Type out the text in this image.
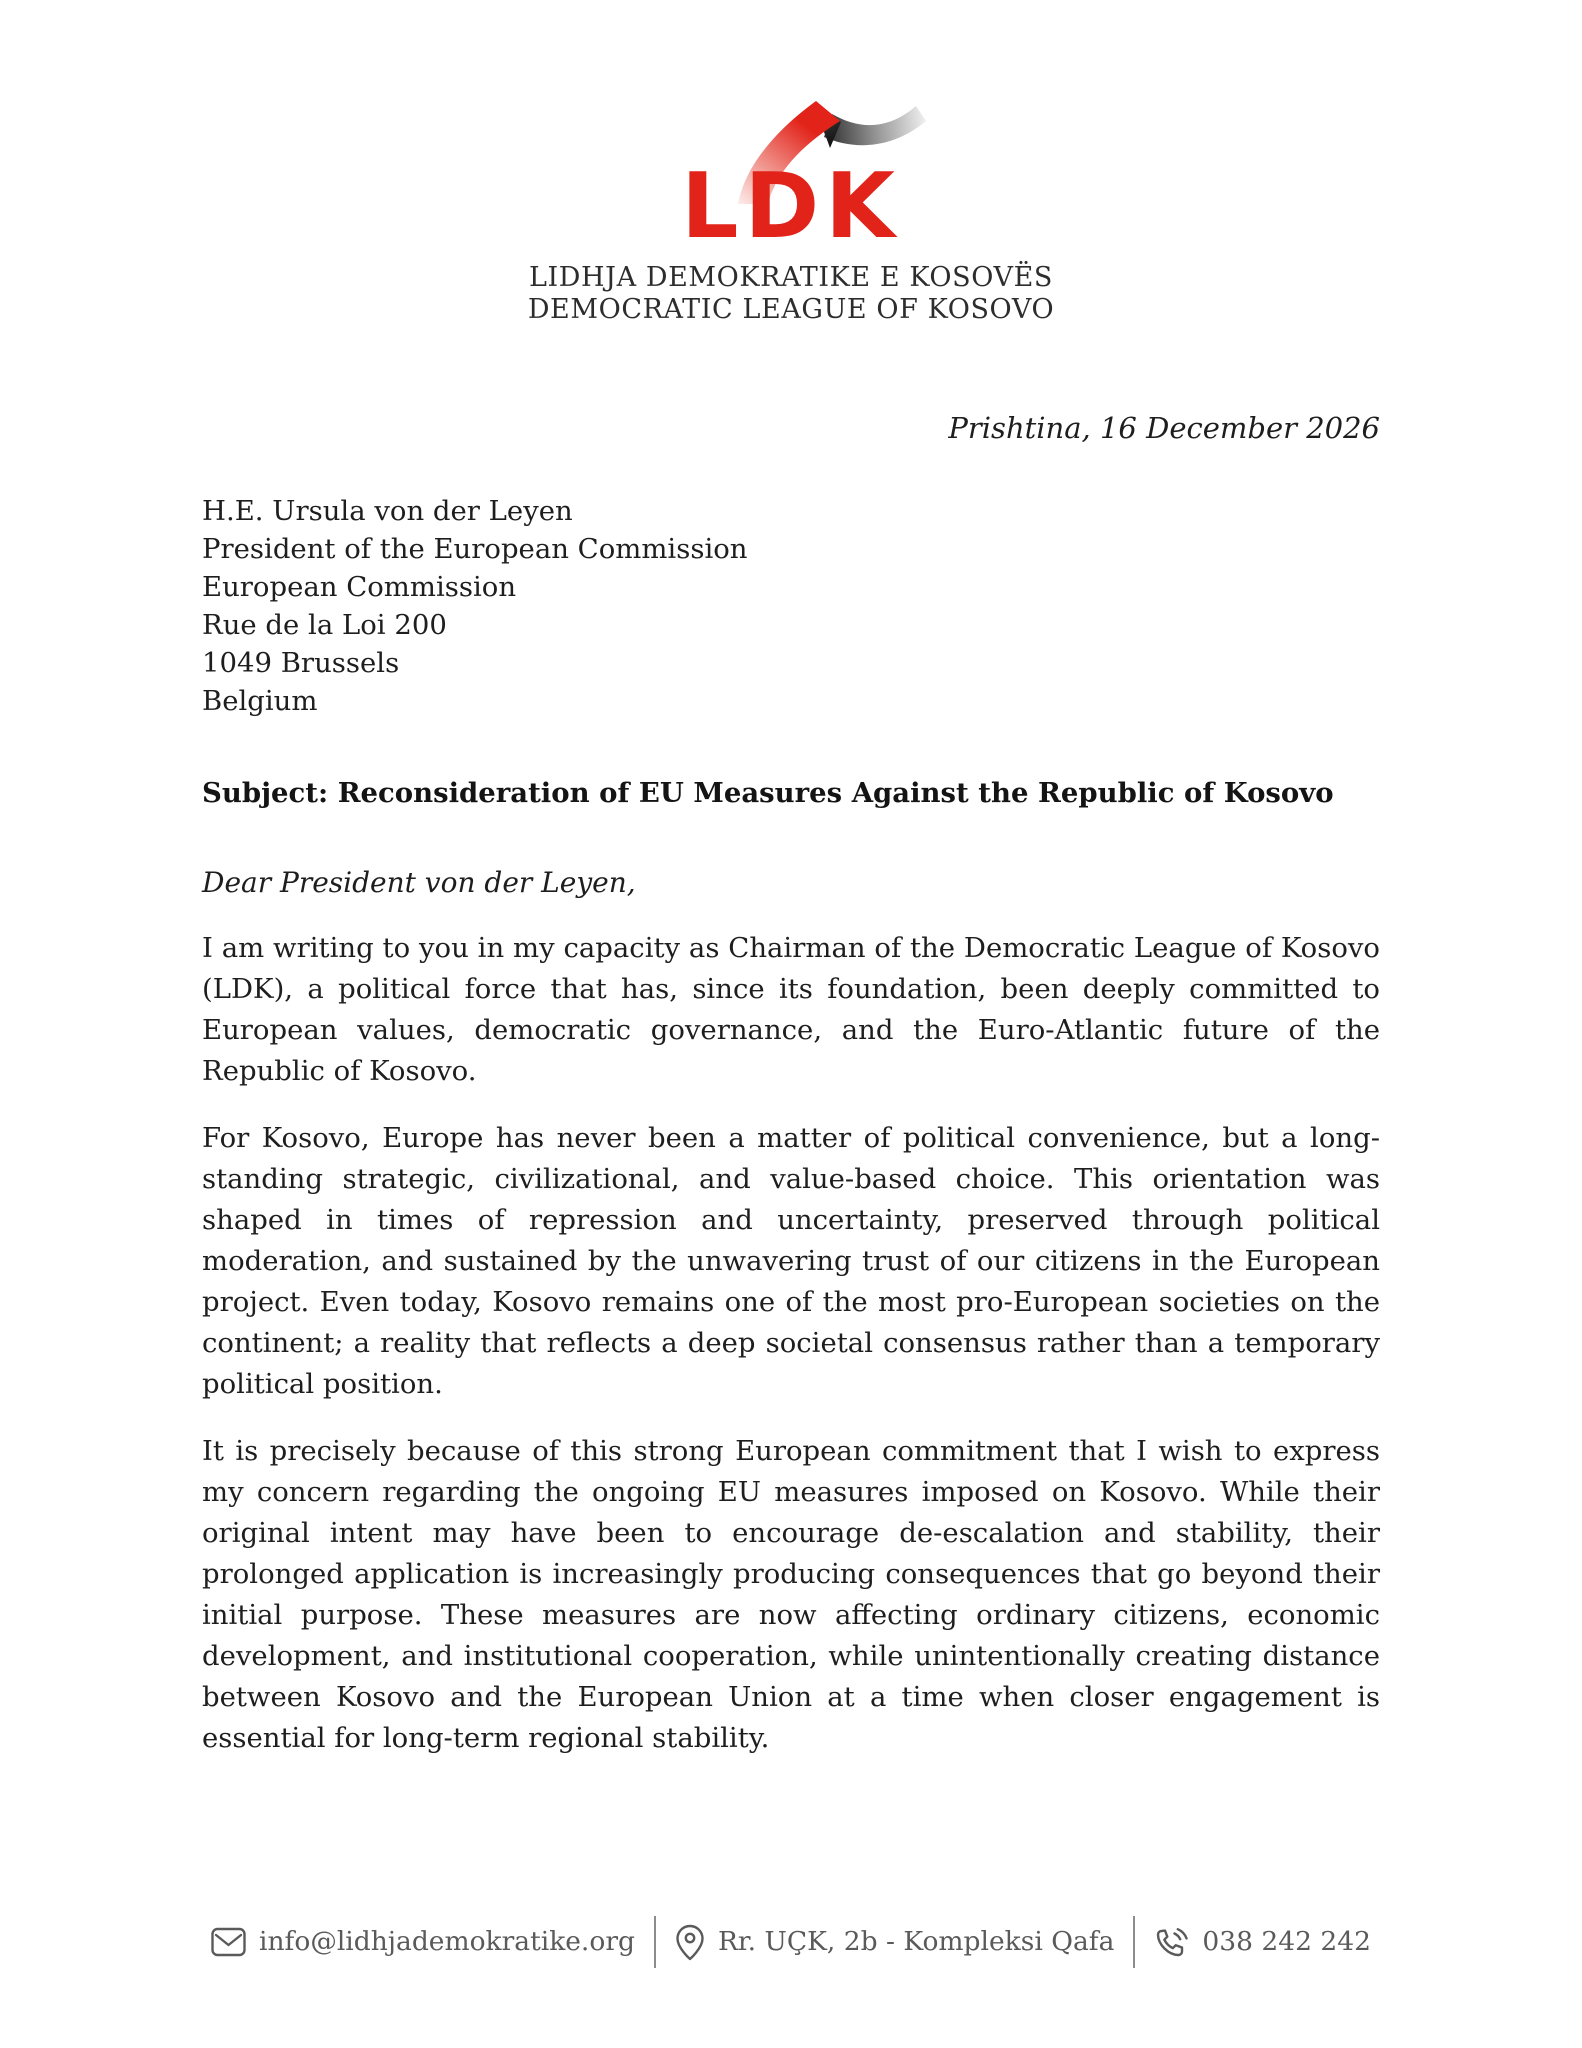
LDK
LIDHJA DEMOKRATIKE E KOSOVËS
DEMOCRATIC LEAGUE OF KOSOVO
Prishtina, 16 December 2026
H.E. Ursula von der Leyen
President of the European Commission
European Commission
Rue de la Loi 200
1049 Brussels
Belgium
Subject: Reconsideration of EU Measures Against the Republic of Kosovo
Dear President von der Leyen,

I am writing to you in my capacity as Chairman of the Democratic League of Kosovo (LDK), a political force that has, since its foundation, been deeply committed to European values, democratic governance, and the Euro-Atlantic future of the Republic of Kosovo.

For Kosovo, Europe has never been a matter of political convenience, but a long-standing strategic, civilizational, and value-based choice. This orientation was shaped in times of repression and uncertainty, preserved through political moderation, and sustained by the unwavering trust of our citizens in the European project. Even today, Kosovo remains one of the most pro-European societies on the continent; a reality that reflects a deep societal consensus rather than a temporary political position.

It is precisely because of this strong European commitment that I wish to express my concern regarding the ongoing EU measures imposed on Kosovo. While their original intent may have been to encourage de-escalation and stability, their prolonged application is increasingly producing consequences that go beyond their initial purpose. These measures are now affecting ordinary citizens, economic development, and institutional cooperation, while unintentionally creating distance between Kosovo and the European Union at a time when closer engagement is essential for long-term regional stability.

info@lidhjademokratike.org	Rr. UÇK, 2b - Kompleksi Qafa	038 242 242
